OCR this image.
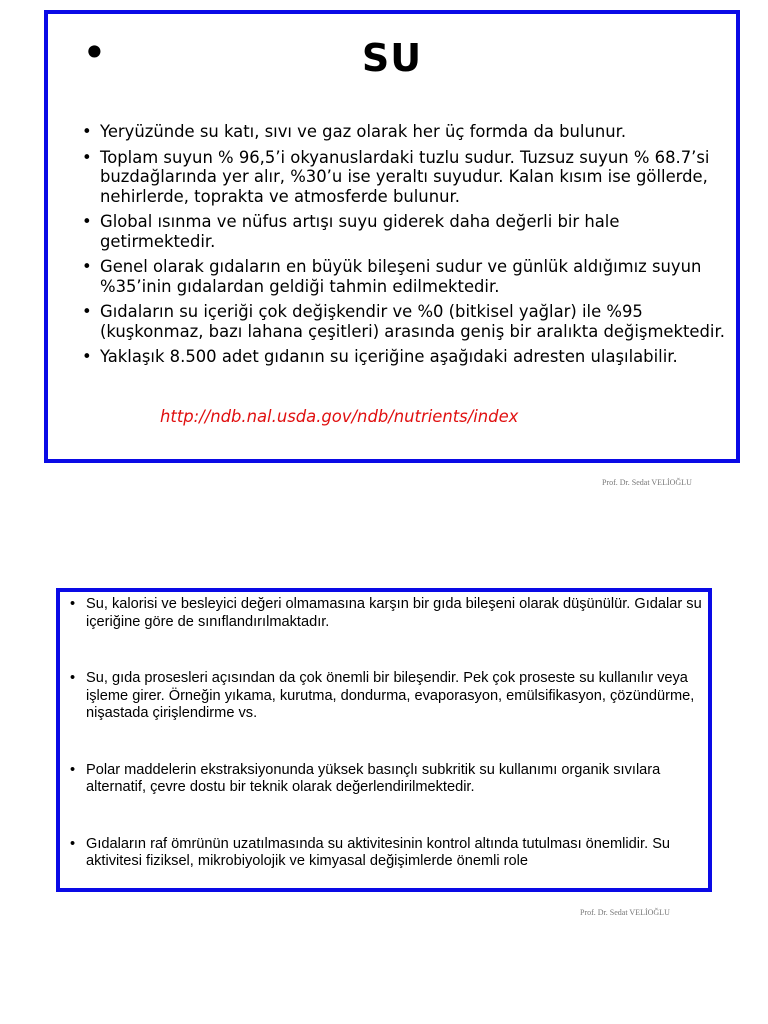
•	SU
• Yeryüzünde su katı, sıvı ve gaz olarak her üç formda da bulunur.
• Toplam suyun % 96,5’i okyanuslardaki tuzlu sudur. Tuzsuz suyun % 68.7’si buzdağlarında yer alır, %30’u ise yeraltı suyudur. Kalan kısım ise göllerde, nehirlerde, toprakta ve atmosferde bulunur.
• Global ısınma ve nüfus artışı suyu giderek daha değerli bir hale getirmektedir.
• Genel olarak gıdaların en büyük bileşeni sudur ve günlük aldığımız suyun %35’inin gıdalardan geldiği tahmin edilmektedir.
• Gıdaların su içeriği çok değişkendir ve %0 (bitkisel yağlar) ile %95 (kuşkonmaz, bazı lahana çeşitleri) arasında geniş bir aralıkta değişmektedir.
• Yaklaşık 8.500 adet gıdanın su içeriğine aşağıdaki adresten ulaşılabilir.
http://ndb.nal.usda.gov/ndb/nutrients/index
Prof. Dr. Sedat VELİOĞLU
• Su, kalorisi ve besleyici değeri olmamasına karşın bir gıda bileşeni olarak düşünülür. Gıdalar su içeriğine göre de sınıflandırılmaktadır.
• Su, gıda prosesleri açısından da çok önemli bir bileşendir. Pek çok proseste su kullanılır veya işleme girer. Örneğin yıkama, kurutma, dondurma, evaporasyon, emülsifikasyon, çözündürme, nişastada çirişlendirme vs.
• Polar maddelerin ekstraksiyonunda yüksek basınçlı subkritik su kullanımı organik sıvılara alternatif, çevre dostu bir teknik olarak değerlendirilmektedir.
• Gıdaların raf ömrünün uzatılmasında su aktivitesinin kontrol altında tutulması önemlidir. Su aktivitesi fiziksel, mikrobiyolojik ve kimyasal değişimlerde önemli role
Prof. Dr. Sedat VELİOĞLU
